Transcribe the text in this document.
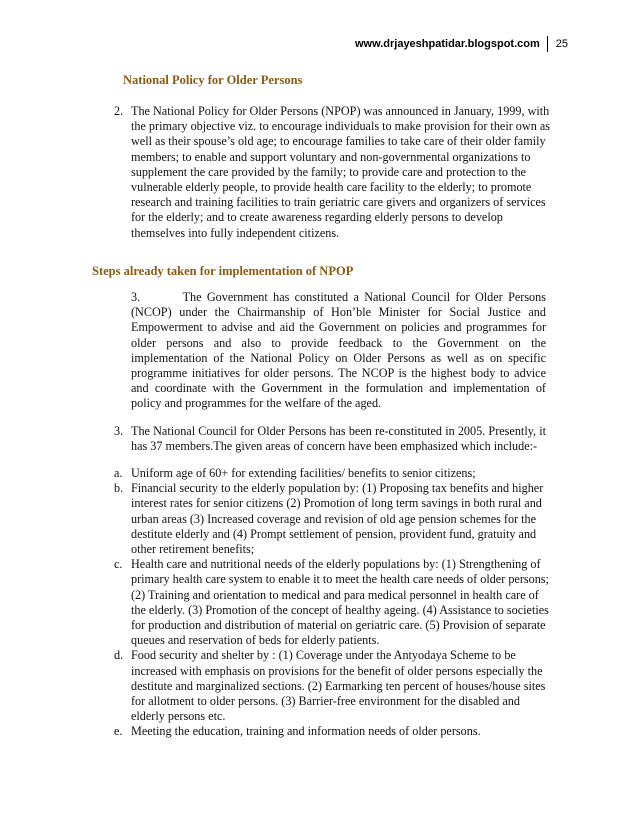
www.drjayeshpatidar.blogspot.com 25
National Policy for Older Persons
2. The National Policy for Older Persons (NPOP) was announced in January, 1999, with the primary objective viz. to encourage individuals to make provision for their own as well as their spouse’s old age; to encourage families to take care of their older family members; to enable and support voluntary and non-governmental organizations to supplement the care provided by the family; to provide care and protection to the vulnerable elderly people, to provide health care facility to the elderly; to promote research and training facilities to train geriatric care givers and organizers of services for the elderly; and to create awareness regarding elderly persons to develop themselves into fully independent citizens.
Steps already taken for implementation of NPOP
3.        The Government has constituted a National Council for Older Persons (NCOP) under the Chairmanship of Hon’ble Minister for Social Justice and Empowerment to advise and aid the Government on policies and programmes for older persons and also to provide feedback to the Government on the implementation of the National Policy on Older Persons as well as on specific programme initiatives for older persons. The NCOP is the highest body to advice and coordinate with the Government in the formulation and implementation of policy and programmes for the welfare of the aged.
3. The National Council for Older Persons has been re-constituted in 2005. Presently, it has 37 members.The given areas of concern have been emphasized which include:-
a. Uniform age of 60+ for extending facilities/ benefits to senior citizens;
b. Financial security to the elderly population by: (1) Proposing tax benefits and higher interest rates for senior citizens (2) Promotion of long term savings in both rural and urban areas (3) Increased coverage and revision of old age pension schemes for the destitute elderly and (4) Prompt settlement of pension, provident fund, gratuity and other retirement benefits;
c. Health care and nutritional needs of the elderly populations by: (1) Strengthening of primary health care system to enable it to meet the health care needs of older persons; (2) Training and orientation to medical and para medical personnel in health care of the elderly. (3) Promotion of the concept of healthy ageing. (4) Assistance to societies for production and distribution of material on geriatric care. (5) Provision of separate queues and reservation of beds for elderly patients.
d. Food security and shelter by : (1) Coverage under the Antyodaya Scheme to be increased with emphasis on provisions for the benefit of older persons especially the destitute and marginalized sections. (2) Earmarking ten percent of houses/house sites for allotment to older persons. (3) Barrier-free environment for the disabled and elderly persons etc.
e. Meeting the education, training and information needs of older persons.
